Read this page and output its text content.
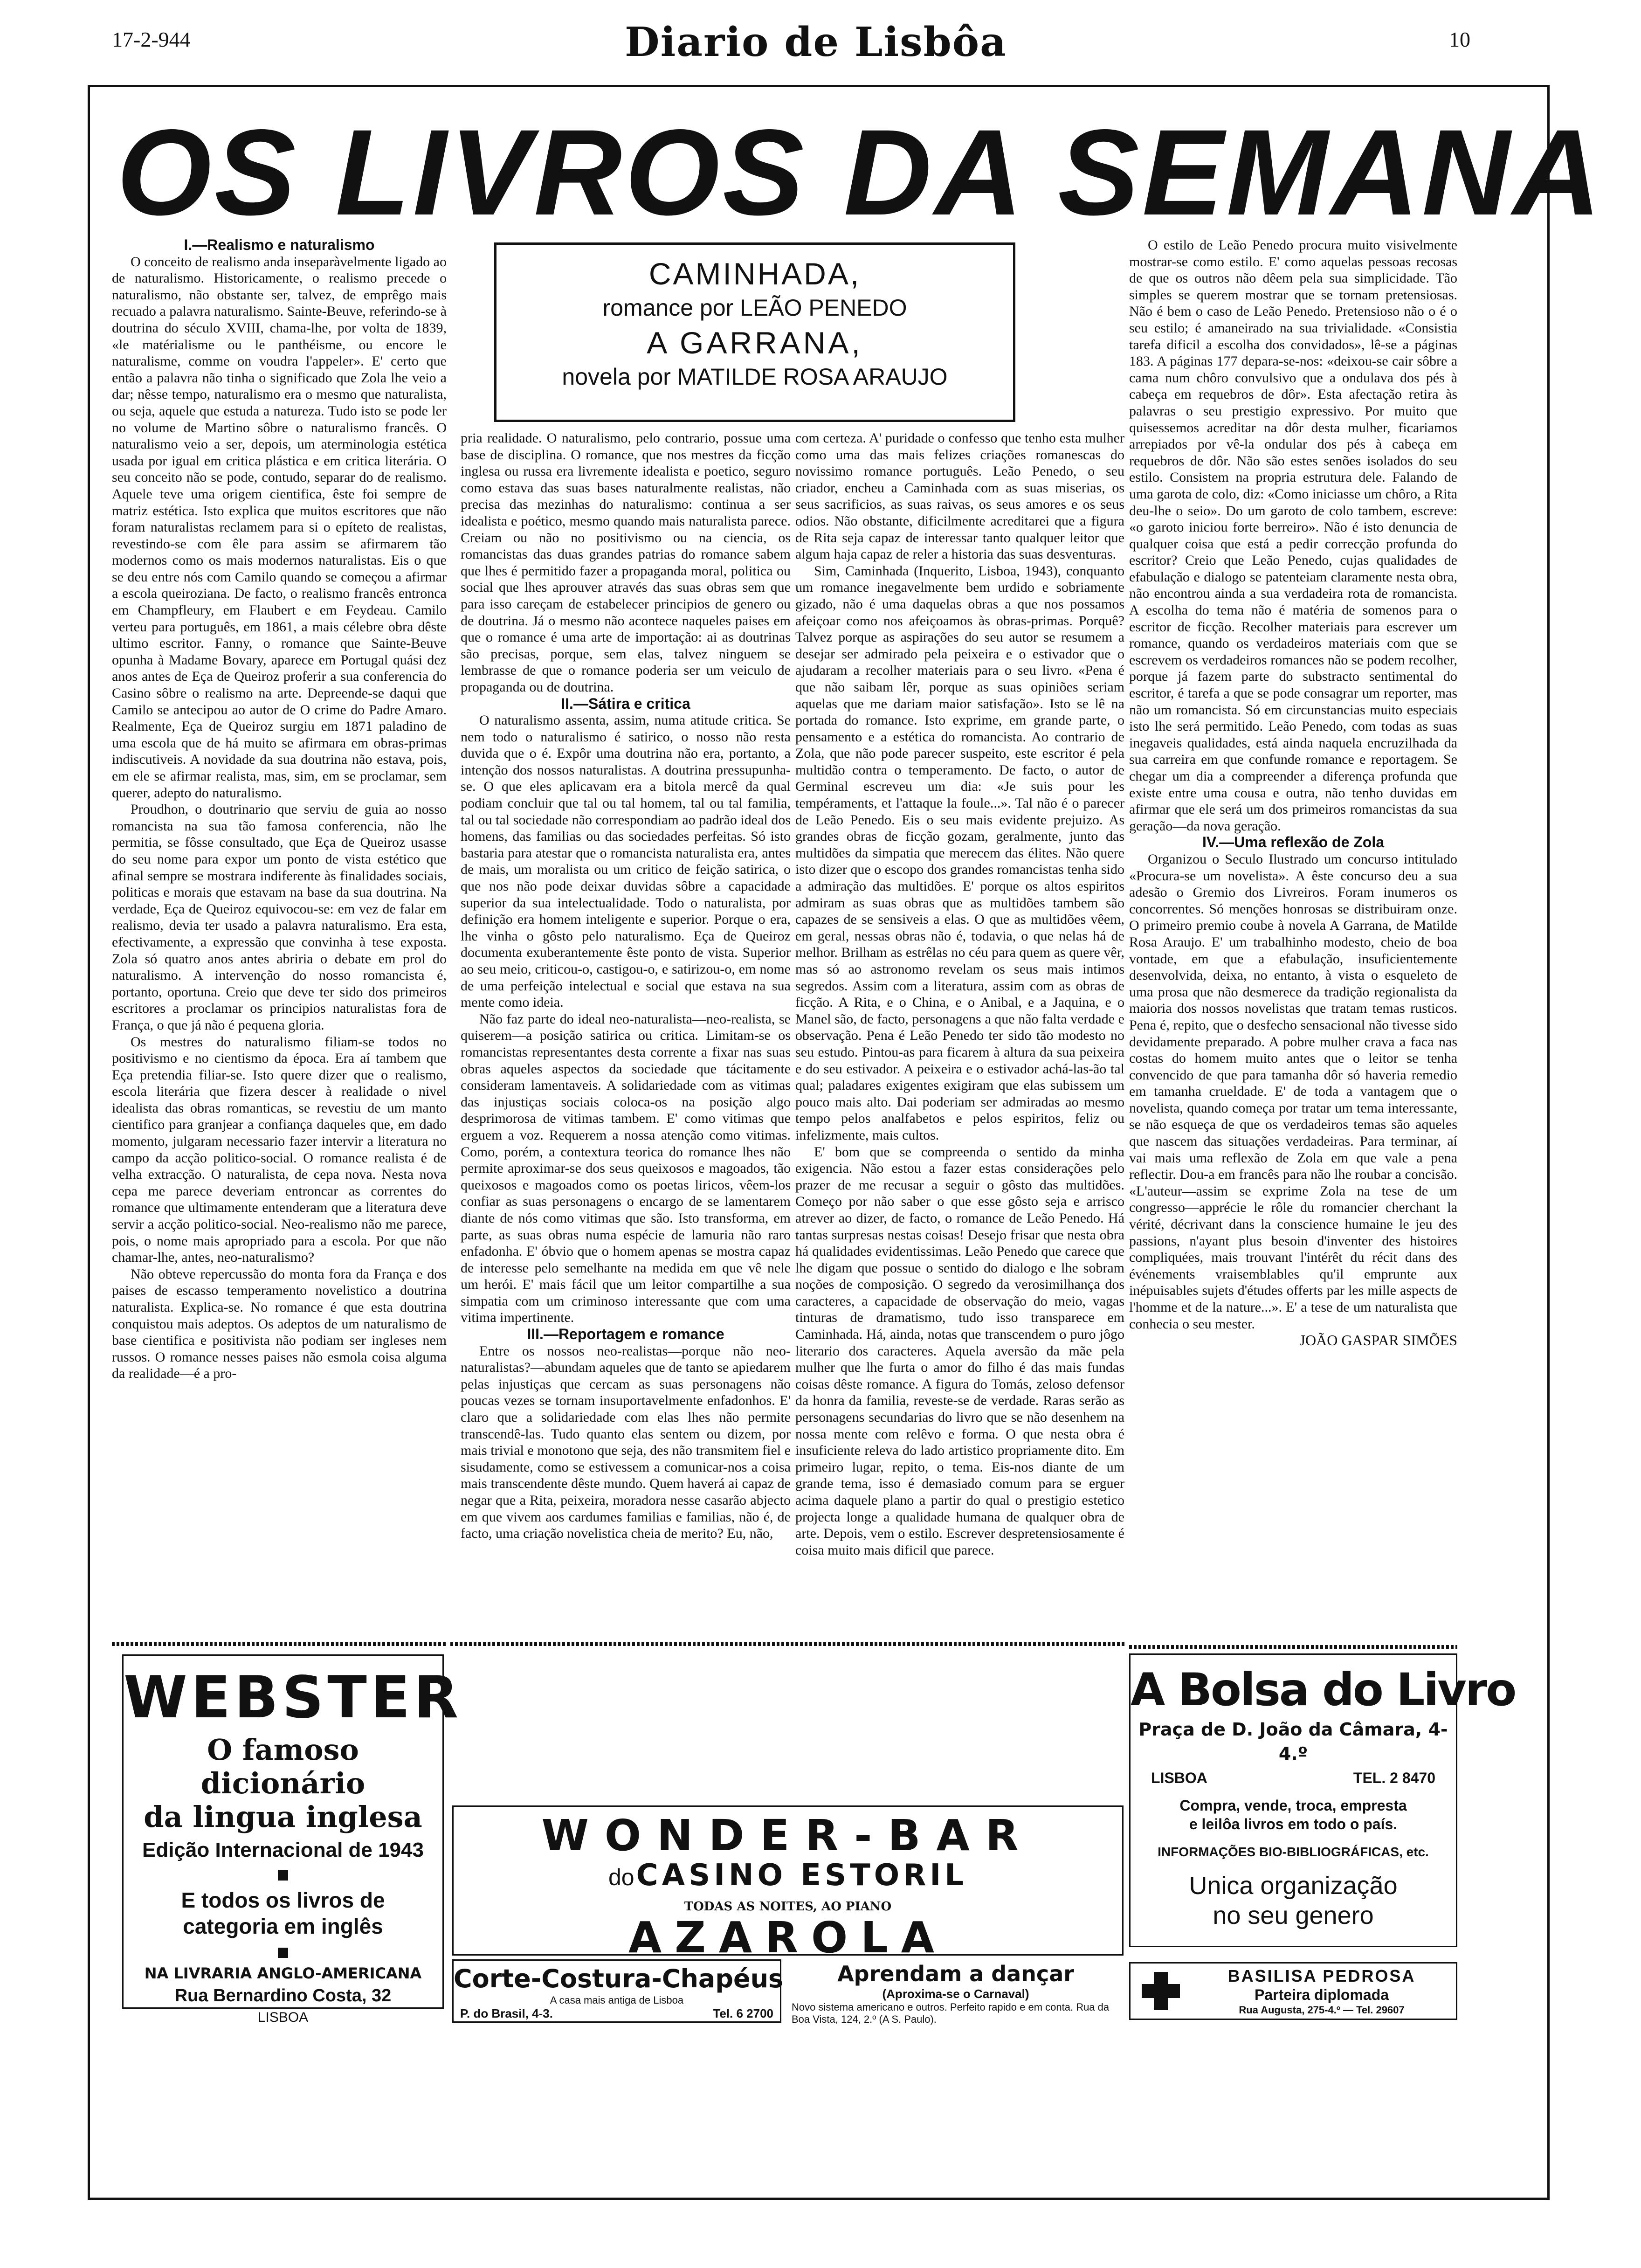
17-2-944	Diario de Lisbôa	10
OS LIVROS DA SEMANA

I.—Realismo e naturalismo

O conceito de realismo anda inseparàvelmente ligado ao de naturalismo. Historicamente, o realismo precede o naturalismo, não obstante ser, talvez, de emprêgo mais recuado a palavra naturalismo. Sainte-Beuve, referindo-se à doutrina do século XVIII, chama-lhe, por volta de 1839, «le matérialisme ou le panthéisme, ou encore le naturalisme, comme on voudra l'appeler». E' certo que então a palavra não tinha o significado que Zola lhe veio a dar; nêsse tempo, naturalismo era o mesmo que naturalista, ou seja, aquele que estuda a natureza. Tudo isto se pode ler no volume de Martino sôbre o naturalismo francês. O naturalismo veio a ser, depois, um aterminologia estética usada por igual em critica plástica e em critica literária. O seu conceito não se pode, contudo, separar do de realismo. Aquele teve uma origem cientifica, êste foi sempre de matriz estética. Isto explica que muitos escritores que não foram naturalistas reclamem para si o epíteto de realistas, revestindo-se com êle para assim se afirmarem tão modernos como os mais modernos naturalistas. Eis o que se deu entre nós com Camilo quando se começou a afirmar a escola queiroziana. De facto, o realismo francês entronca em Champfleury, em Flaubert e em Feydeau. Camilo verteu para português, em 1861, a mais célebre obra dêste ultimo escritor. Fanny, o romance que Sainte-Beuve opunha à Madame Bovary, aparece em Portugal quási dez anos antes de Eça de Queiroz proferir a sua conferencia do Casino sôbre o realismo na arte. Depreende-se daqui que Camilo se antecipou ao autor de O crime do Padre Amaro. Realmente, Eça de Queiroz surgiu em 1871 paladino de uma escola que de há muito se afirmara em obras-primas indiscutiveis. A novidade da sua doutrina não estava, pois, em ele se afirmar realista, mas, sim, em se proclamar, sem querer, adepto do naturalismo.

Proudhon, o doutrinario que serviu de guia ao nosso romancista na sua tão famosa conferencia, não lhe permitia, se fôsse consultado, que Eça de Queiroz usasse do seu nome para expor um ponto de vista estético que afinal sempre se mostrara indiferente às finalidades sociais, politicas e morais que estavam na base da sua doutrina. Na verdade, Eça de Queiroz equivocou-se: em vez de falar em realismo, devia ter usado a palavra naturalismo. Era esta, efectivamente, a expressão que convinha à tese exposta. Zola só quatro anos antes abriria o debate em prol do naturalismo. A intervenção do nosso romancista é, portanto, oportuna. Creio que deve ter sido dos primeiros escritores a proclamar os principios naturalistas fora de França, o que já não é pequena gloria.

Os mestres do naturalismo filiam-se todos no positivismo e no cientismo da época. Era aí tambem que Eça pretendia filiar-se. Isto quere dizer que o realismo, escola literária que fizera descer à realidade o nivel idealista das obras romanticas, se revestiu de um manto cientifico para granjear a confiança daqueles que, em dado momento, julgaram necessario fazer intervir a literatura no campo da acção politico-social. O romance realista é de velha extracção. O naturalista, de cepa nova. Nesta nova cepa me parece deveriam entroncar as correntes do romance que ultimamente entenderam que a literatura deve servir a acção politico-social. Neo-realismo não me parece, pois, o nome mais apropriado para a escola. Por que não chamar-lhe, antes, neo-naturalismo?

Não obteve repercussão do monta fora da França e dos paises de escasso temperamento novelistico a doutrina naturalista. Explica-se. No romance é que esta doutrina conquistou mais adeptos. Os adeptos de um naturalismo de base cientifica e positivista não podiam ser ingleses nem russos. O romance nesses paises não esmola coisa alguma da realidade—é a pro-

CAMINHADA,
romance por LEÃO PENEDO
A GARRANA,
novela por MATILDE ROSA ARAUJO

pria realidade. O naturalismo, pelo contrario, possue uma base de disciplina. O romance, que nos mestres da ficção inglesa ou russa era livremente idealista e poetico, seguro como estava das suas bases naturalmente realistas, não precisa das mezinhas do naturalismo: continua a ser idealista e poético, mesmo quando mais naturalista parece. Creiam ou não no positivismo ou na ciencia, os romancistas das duas grandes patrias do romance sabem que lhes é permitido fazer a propaganda moral, politica ou social que lhes aprouver através das suas obras sem que para isso careçam de estabelecer principios de genero ou de doutrina. Já o mesmo não acontece naqueles paises em que o romance é uma arte de importação: ai as doutrinas são precisas, porque, sem elas, talvez ninguem se lembrasse de que o romance poderia ser um veiculo de propaganda ou de doutrina.

II.—Sátira e critica

O naturalismo assenta, assim, numa atitude critica. Se nem todo o naturalismo é satirico, o nosso não resta duvida que o é. Expôr uma doutrina não era, portanto, a intenção dos nossos naturalistas. A doutrina pressupunha-se. O que eles aplicavam era a bitola mercê da qual podiam concluir que tal ou tal homem, tal ou tal familia, tal ou tal sociedade não correspondiam ao padrão ideal dos homens, das familias ou das sociedades perfeitas. Só isto bastaria para atestar que o romancista naturalista era, antes de mais, um moralista ou um critico de feição satirica, o que nos não pode deixar duvidas sôbre a capacidade superior da sua intelectualidade. Todo o naturalista, por definição era homem inteligente e superior. Porque o era, lhe vinha o gôsto pelo naturalismo. Eça de Queiroz documenta exuberantemente êste ponto de vista. Superior ao seu meio, criticou-o, castigou-o, e satirizou-o, em nome de uma perfeição intelectual e social que estava na sua mente como ideia.

Não faz parte do ideal neo-naturalista—neo-realista, se quiserem—a posição satirica ou critica. Limitam-se os romancistas representantes desta corrente a fixar nas suas obras aqueles aspectos da sociedade que tácitamente consideram lamentaveis. A solidariedade com as vitimas das injustiças sociais coloca-os na posição algo desprimorosa de vitimas tambem. E' como vitimas que erguem a voz. Requerem a nossa atenção como vitimas. Como, porém, a contextura teorica do romance lhes não permite aproximar-se dos seus queixosos e magoados, tão queixosos e magoados como os poetas liricos, vêem-los confiar as suas personagens o encargo de se lamentarem diante de nós como vitimas que são. Isto transforma, em parte, as suas obras numa espécie de lamuria não raro enfadonha. E' óbvio que o homem apenas se mostra capaz de interesse pelo semelhante na medida em que vê nele um herói. E' mais fácil que um leitor compartilhe a sua simpatia com um criminoso interessante que com uma vitima impertinente.

III.—Reportagem e romance

Entre os nossos neo-realistas—porque não neo-naturalistas?—abundam aqueles que de tanto se apiedarem pelas injustiças que cercam as suas personagens não poucas vezes se tornam insuportavelmente enfadonhos. E' claro que a solidariedade com elas lhes não permite transcendê-las. Tudo quanto elas sentem ou dizem, por mais trivial e monotono que seja, des não transmitem fiel e sisudamente, como se estivessem a comunicar-nos a coisa mais transcendente dêste mundo. Quem haverá ai capaz de negar que a Rita, peixeira, moradora nesse casarão abjecto em que vivem aos cardumes familias e familias, não é, de facto, uma criação novelistica cheia de merito? Eu, não,

com certeza. A' puridade o confesso que tenho esta mulher como uma das mais felizes criações romanescas do novissimo romance português. Leão Penedo, o seu criador, encheu a Caminhada com as suas miserias, os seus sacrificios, as suas raivas, os seus amores e os seus odios. Não obstante, dificilmente acreditarei que a figura de Rita seja capaz de interessar tanto qualquer leitor que algum haja capaz de reler a historia das suas desventuras.

Sim, Caminhada (Inquerito, Lisboa, 1943), conquanto um romance inegavelmente bem urdido e sobriamente gizado, não é uma daquelas obras a que nos possamos afeiçoar como nos afeiçoamos às obras-primas. Porquê? Talvez porque as aspirações do seu autor se resumem a desejar ser admirado pela peixeira e o estivador que o ajudaram a recolher materiais para o seu livro. «Pena é que não saibam lêr, porque as suas opiniões seriam aquelas que me dariam maior satisfação». Isto se lê na portada do romance. Isto exprime, em grande parte, o pensamento e a estética do romancista. Ao contrario de Zola, que não pode parecer suspeito, este escritor é pela multidão contra o temperamento. De facto, o autor de Germinal escreveu um dia: «Je suis pour les tempéraments, et l'attaque la foule...». Tal não é o parecer de Leão Penedo. Eis o seu mais evidente prejuizo. As grandes obras de ficção gozam, geralmente, junto das multidões da simpatia que merecem das élites. Não quere isto dizer que o escopo dos grandes romancistas tenha sido a admiração das multidões. E' porque os altos espiritos admiram as suas obras que as multidões tambem são capazes de se sensiveis a elas. O que as multidões vêem, em geral, nessas obras não é, todavia, o que nelas há de melhor. Brilham as estrêlas no céu para quem as quere vêr, mas só ao astronomo revelam os seus mais intimos segredos. Assim com a literatura, assim com as obras de ficção. A Rita, e o China, e o Anibal, e a Jaquina, e o Manel são, de facto, personagens a que não falta verdade e observação. Pena é Leão Penedo ter sido tão modesto no seu estudo. Pintou-as para ficarem à altura da sua peixeira e do seu estivador. A peixeira e o estivador achá-las-ão tal qual; paladares exigentes exigiram que elas subissem um pouco mais alto. Dai poderiam ser admiradas ao mesmo tempo pelos analfabetos e pelos espiritos, feliz ou infelizmente, mais cultos.

E' bom que se compreenda o sentido da minha exigencia. Não estou a fazer estas considerações pelo prazer de me recusar a seguir o gôsto das multidões. Começo por não saber o que esse gôsto seja e arrisco atrever ao dizer, de facto, o romance de Leão Penedo. Há tantas surpresas nestas coisas! Desejo frisar que nesta obra há qualidades evidentissimas. Leão Penedo que carece que lhe digam que possue o sentido do dialogo e lhe sobram noções de composição. O segredo da verosimilhança dos caracteres, a capacidade de observação do meio, vagas tinturas de dramatismo, tudo isso transparece em Caminhada. Há, ainda, notas que transcendem o puro jôgo literario dos caracteres. Aquela aversão da mãe pela mulher que lhe furta o amor do filho é das mais fundas coisas dêste romance. A figura do Tomás, zeloso defensor da honra da familia, reveste-se de verdade. Raras serão as personagens secundarias do livro que se não desenhem na nossa mente com relêvo e forma. O que nesta obra é insuficiente releva do lado artistico propriamente dito. Em primeiro lugar, repito, o tema. Eis-nos diante de um grande tema, isso é demasiado comum para se erguer acima daquele plano a partir do qual o prestigio estetico projecta longe a qualidade humana de qualquer obra de arte. Depois, vem o estilo. Escrever despretensiosamente é coisa muito mais dificil que parece.

O estilo de Leão Penedo procura muito visivelmente mostrar-se como estilo. E' como aquelas pessoas recosas de que os outros não dêem pela sua simplicidade. Tão simples se querem mostrar que se tornam pretensiosas. Não é bem o caso de Leão Penedo. Pretensioso não o é o seu estilo; é amaneirado na sua trivialidade. «Consistia tarefa dificil a escolha dos convidados», lê-se a páginas 183. A páginas 177 depara-se-nos: «deixou-se cair sôbre a cama num chôro convulsivo que a ondulava dos pés à cabeça em requebros de dôr». Esta afectação retira às palavras o seu prestigio expressivo. Por muito que quisessemos acreditar na dôr desta mulher, ficariamos arrepiados por vê-la ondular dos pés à cabeça em requebros de dôr. Não são estes senões isolados do seu estilo. Consistem na propria estrutura dele. Falando de uma garota de colo, diz: «Como iniciasse um chôro, a Rita deu-lhe o seio». Do um garoto de colo tambem, escreve: «o garoto iniciou forte berreiro». Não é isto denuncia de qualquer coisa que está a pedir correcção profunda do escritor? Creio que Leão Penedo, cujas qualidades de efabulação e dialogo se patenteiam claramente nesta obra, não encontrou ainda a sua verdadeira rota de romancista. A escolha do tema não é matéria de somenos para o escritor de ficção. Recolher materiais para escrever um romance, quando os verdadeiros materiais com que se escrevem os verdadeiros romances não se podem recolher, porque já fazem parte do substracto sentimental do escritor, é tarefa a que se pode consagrar um reporter, mas não um romancista. Só em circunstancias muito especiais isto lhe será permitido. Leão Penedo, com todas as suas inegaveis qualidades, está ainda naquela encruzilhada da sua carreira em que confunde romance e reportagem. Se chegar um dia a compreender a diferença profunda que existe entre uma cousa e outra, não tenho duvidas em afirmar que ele será um dos primeiros romancistas da sua geração—da nova geração.

IV.—Uma reflexão de Zola

Organizou o Seculo Ilustrado um concurso intitulado «Procura-se um novelista». A êste concurso deu a sua adesão o Gremio dos Livreiros. Foram inumeros os concorrentes. Só menções honrosas se distribuiram onze. O primeiro premio coube à novela A Garrana, de Matilde Rosa Araujo. E' um trabalhinho modesto, cheio de boa vontade, em que a efabulação, insuficientemente desenvolvida, deixa, no entanto, à vista o esqueleto de uma prosa que não desmerece da tradição regionalista da maioria dos nossos novelistas que tratam temas rusticos. Pena é, repito, que o desfecho sensacional não tivesse sido devidamente preparado. A pobre mulher crava a faca nas costas do homem muito antes que o leitor se tenha convencido de que para tamanha dôr só haveria remedio em tamanha crueldade. E' de toda a vantagem que o novelista, quando começa por tratar um tema interessante, se não esqueça de que os verdadeiros temas são aqueles que nascem das situações verdadeiras. Para terminar, aí vai mais uma reflexão de Zola em que vale a pena reflectir. Dou-a em francês para não lhe roubar a concisão. «L'auteur—assim se exprime Zola na tese de um congresso—apprécie le rôle du romancier cherchant la vérité, décrivant dans la conscience humaine le jeu des passions, n'ayant plus besoin d'inventer des histoires compliquées, mais trouvant l'intérêt du récit dans des événements vraisemblables qu'il emprunte aux inépuisables sujets d'études offerts par les mille aspects de l'homme et de la nature...». E' a tese de um naturalista que conhecia o seu mester.

JOÃO GASPAR SIMÕES

WEBSTER
O famoso dicionário
da lingua inglesa
Edição Internacional de 1943
E todos os livros de
categoria em inglês
NA LIVRARIA ANGLO-AMERICANA
Rua Bernardino Costa, 32
LISBOA
WONDER-BAR
do CASINO ESTORIL
TODAS AS NOITES, AO PIANO
AZAROLA
Corte-Costura-Chapéus
A casa mais antiga de Lisboa
P. do Brasil, 4-3.	Tel. 6 2700
Aprendam a dançar
(Aproxima-se o Carnaval)
Novo sistema americano e outros. Perfeito rapido e em conta. Rua da Boa Vista, 124, 2.º (A S. Paulo).
A Bolsa do Livro
Praça de D. João da Câmara, 4-4.º
LISBOA	TEL. 2 8470
Compra, vende, troca, empresta
e leilôa livros em todo o país.
INFORMAÇÕES BIO-BIBLIOGRÁFICAS, etc.
Unica organização
no seu genero
BASILISA PEDROSA
Parteira diplomada
Rua Augusta, 275-4.º — Tel. 29607
